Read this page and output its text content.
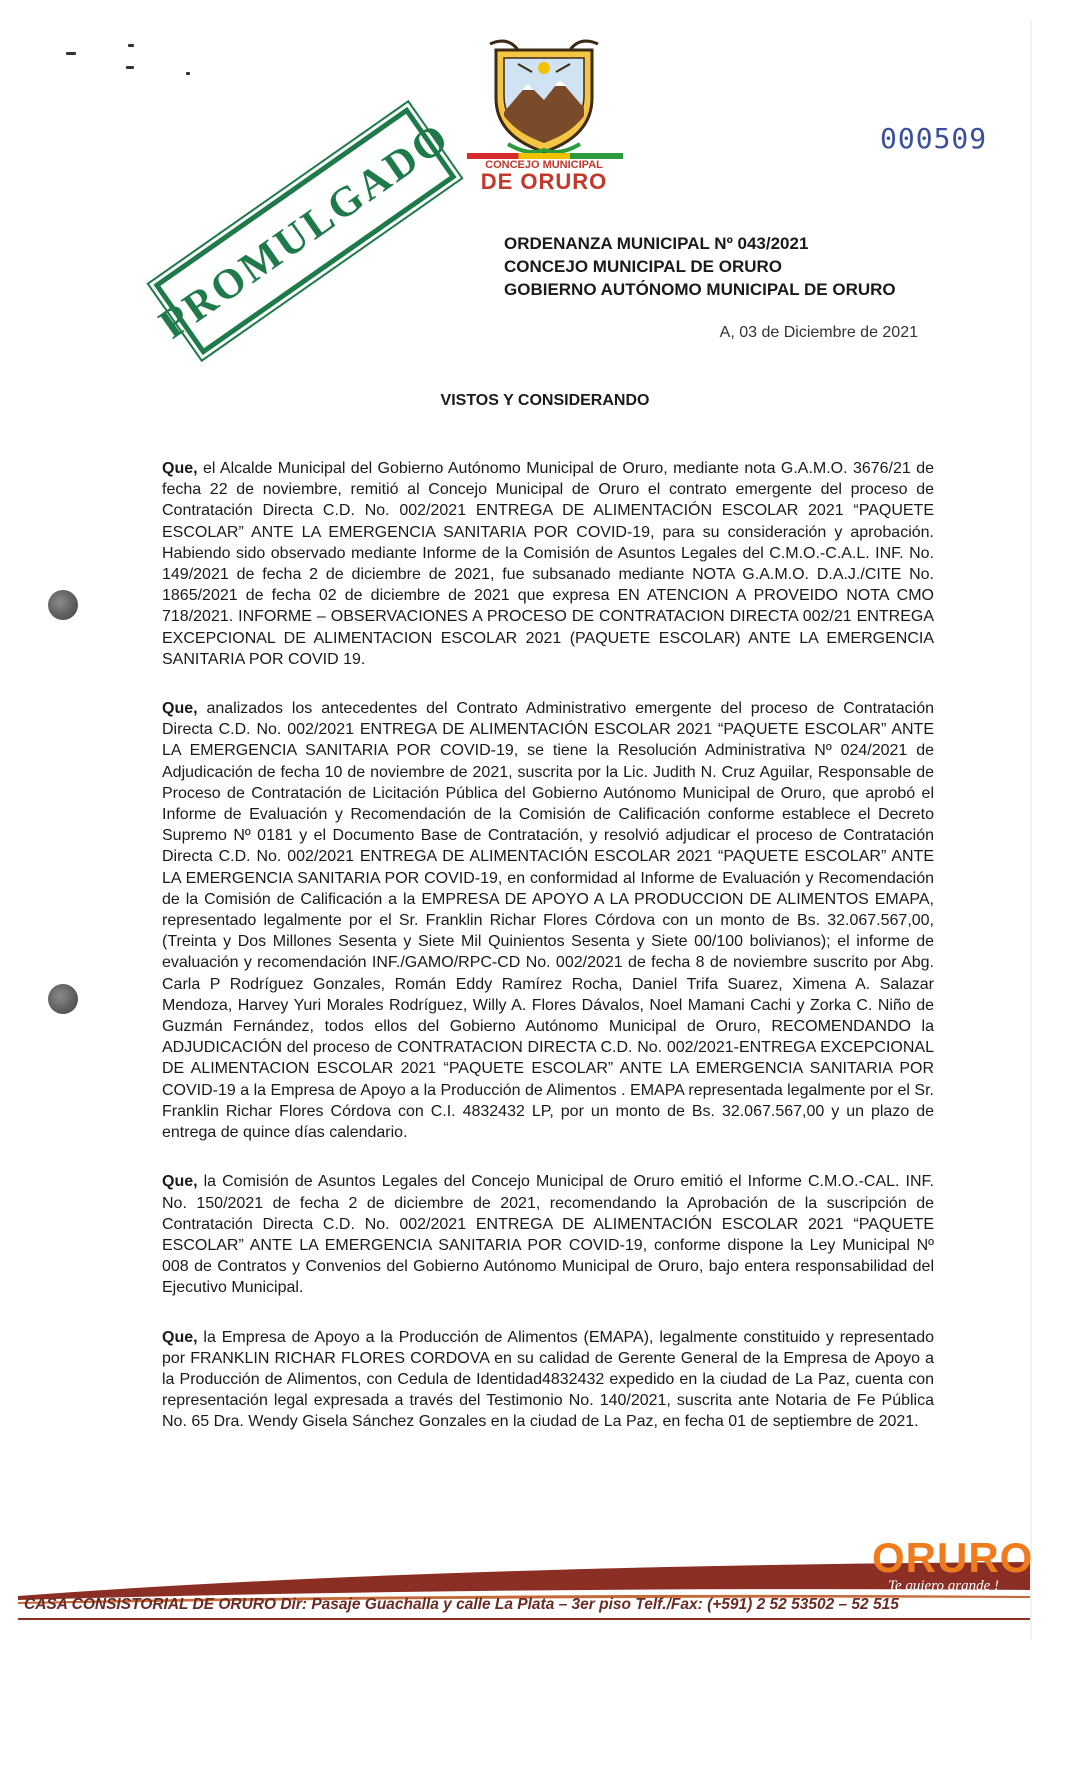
CONCEJO MUNICIPAL
DE ORURO
000509
PROMULGADO	ORDENANZA MUNICIPAL Nº 043/2021
CONCEJO MUNICIPAL DE ORURO
GOBIERNO AUTÓNOMO MUNICIPAL DE ORURO
A, 03 de Diciembre de 2021
VISTOS Y CONSIDERANDO

Que, el Alcalde Municipal del Gobierno Autónomo Municipal de Oruro, mediante nota G.A.M.O. 3676/21 de fecha 22 de noviembre, remitió al Concejo Municipal de Oruro el contrato emergente del proceso de Contratación Directa C.D. No. 002/2021 ENTREGA DE ALIMENTACIÓN ESCOLAR 2021 “PAQUETE ESCOLAR” ANTE LA EMERGENCIA SANITARIA POR COVID-19, para su consideración y aprobación. Habiendo sido observado mediante Informe de la Comisión de Asuntos Legales del C.M.O.-C.A.L. INF. No. 149/2021 de fecha 2 de diciembre de 2021, fue subsanado mediante NOTA G.A.M.O. D.A.J./CITE No. 1865/2021 de fecha 02 de diciembre de 2021 que expresa EN ATENCION A PROVEIDO NOTA CMO 718/2021. INFORME – OBSERVACIONES A PROCESO DE CONTRATACION DIRECTA 002/21 ENTREGA EXCEPCIONAL DE ALIMENTACION ESCOLAR 2021 (PAQUETE ESCOLAR) ANTE LA EMERGENCIA SANITARIA POR COVID 19.

Que, analizados los antecedentes del Contrato Administrativo emergente del proceso de Contratación Directa C.D. No. 002/2021 ENTREGA DE ALIMENTACIÓN ESCOLAR 2021 “PAQUETE ESCOLAR” ANTE LA EMERGENCIA SANITARIA POR COVID-19, se tiene la Resolución Administrativa Nº 024/2021 de Adjudicación de fecha 10 de noviembre de 2021, suscrita por la Lic. Judith N. Cruz Aguilar, Responsable de Proceso de Contratación de Licitación Pública del Gobierno Autónomo Municipal de Oruro, que aprobó el Informe de Evaluación y Recomendación de la Comisión de Calificación conforme establece el Decreto Supremo Nº 0181 y el Documento Base de Contratación, y resolvió adjudicar el proceso de Contratación Directa C.D. No. 002/2021 ENTREGA DE ALIMENTACIÓN ESCOLAR 2021 “PAQUETE ESCOLAR” ANTE LA EMERGENCIA SANITARIA POR COVID-19, en conformidad al Informe de Evaluación y Recomendación de la Comisión de Calificación a la EMPRESA DE APOYO A LA PRODUCCION DE ALIMENTOS EMAPA, representado legalmente por el Sr. Franklin Richar Flores Córdova con un monto de Bs. 32.067.567,00, (Treinta y Dos Millones Sesenta y Siete Mil Quinientos Sesenta y Siete 00/100 bolivianos); el informe de evaluación y recomendación INF./GAMO/RPC-CD No. 002/2021 de fecha 8 de noviembre suscrito por Abg. Carla P Rodríguez Gonzales, Román Eddy Ramírez Rocha, Daniel Trifa Suarez, Ximena A. Salazar Mendoza, Harvey Yuri Morales Rodríguez, Willy A. Flores Dávalos, Noel Mamani Cachi y Zorka C. Niño de Guzmán Fernández, todos ellos del Gobierno Autónomo Municipal de Oruro, RECOMENDANDO la ADJUDICACIÓN del proceso de CONTRATACION DIRECTA C.D. No. 002/2021-ENTREGA EXCEPCIONAL DE ALIMENTACION ESCOLAR 2021 “PAQUETE ESCOLAR” ANTE LA EMERGENCIA SANITARIA POR COVID-19 a la Empresa de Apoyo a la Producción de Alimentos . EMAPA representada legalmente por el Sr. Franklin Richar Flores Córdova con C.I. 4832432 LP, por un monto de Bs. 32.067.567,00 y un plazo de entrega de quince días calendario.

Que, la Comisión de Asuntos Legales del Concejo Municipal de Oruro emitió el Informe C.M.O.-CAL. INF. No. 150/2021 de fecha 2 de diciembre de 2021, recomendando la Aprobación de la suscripción de Contratación Directa C.D. No. 002/2021 ENTREGA DE ALIMENTACIÓN ESCOLAR 2021 “PAQUETE ESCOLAR” ANTE LA EMERGENCIA SANITARIA POR COVID-19, conforme dispone la Ley Municipal Nº 008 de Contratos y Convenios del Gobierno Autónomo Municipal de Oruro, bajo entera responsabilidad del Ejecutivo Municipal.

Que, la Empresa de Apoyo a la Producción de Alimentos (EMAPA), legalmente constituido y representado por FRANKLIN RICHAR FLORES CORDOVA en su calidad de Gerente General de la Empresa de Apoyo a la Producción de Alimentos, con Cedula de Identidad4832432 expedido en la ciudad de La Paz, cuenta con representación legal expresada a través del Testimonio No. 140/2021, suscrita ante Notaria de Fe Pública No. 65 Dra. Wendy Gisela Sánchez Gonzales en la ciudad de La Paz, en fecha 01 de septiembre de 2021.

ORURO
Te quiero grande !
CASA CONSISTORIAL DE ORURO Dir: Pasaje Guachalla y calle La Plata – 3er piso Telf./Fax: (+591) 2 52 53502 – 52 515
